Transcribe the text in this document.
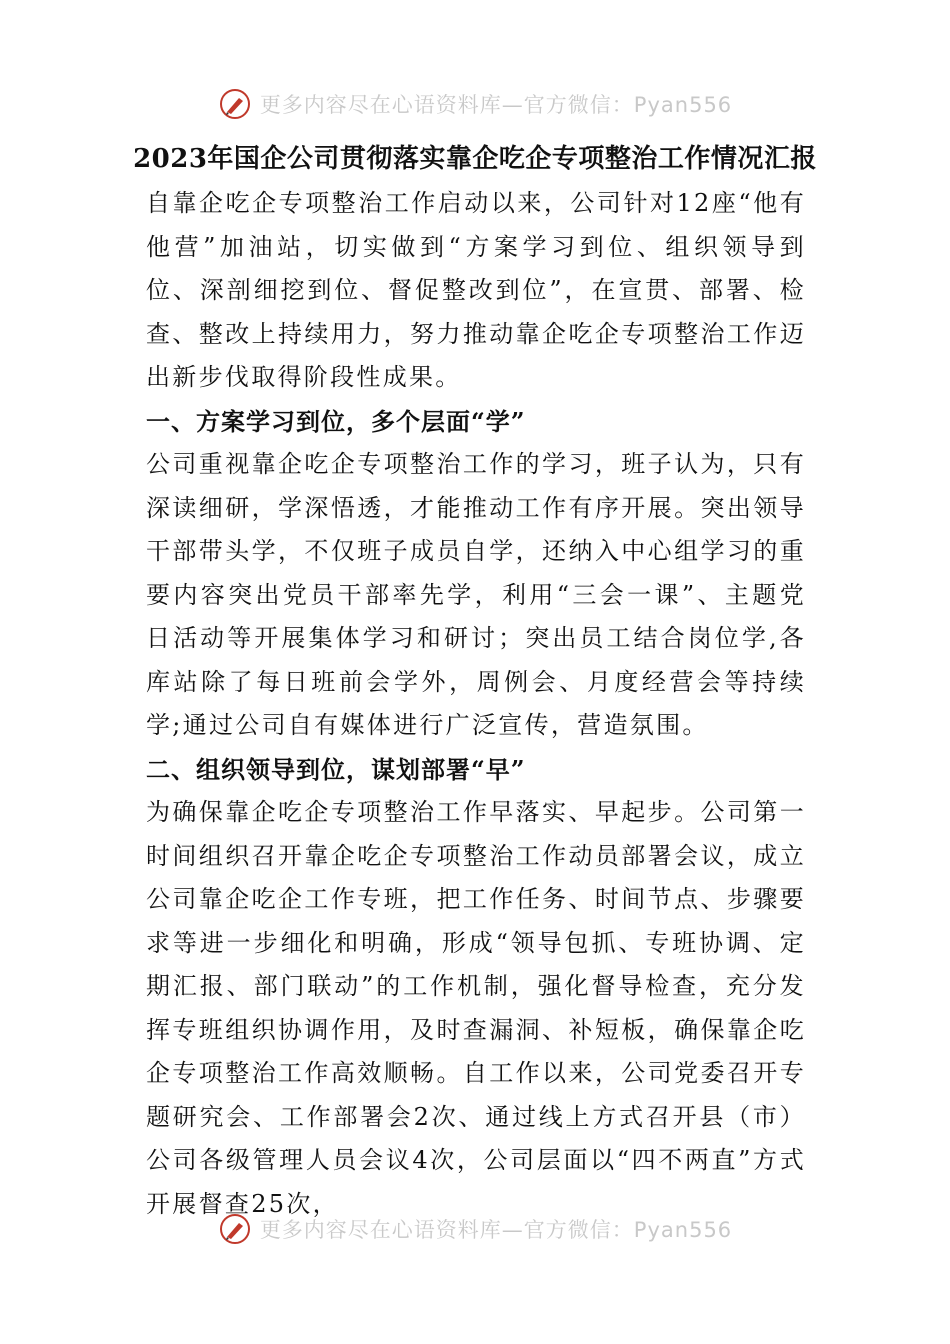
更多内容尽在心语资料库—官方微信：Pyan556
2023年国企公司贯彻落实靠企吃企专项整治工作情况汇报

自靠企吃企专项整治工作启动以来，公司针对12座“他有他营”加油站，切实做到“方案学习到位、组织领导到位、深剖细挖到位、督促整改到位”，在宣贯、部署、检查、整改上持续用力，努力推动靠企吃企专项整治工作迈出新步伐取得阶段性成果。

一、方案学习到位，多个层面“学”

公司重视靠企吃企专项整治工作的学习，班子认为，只有深读细研，学深悟透，才能推动工作有序开展。突出领导干部带头学，不仅班子成员自学，还纳入中心组学习的重要内容突出党员干部率先学，利用“三会一课”、主题党日活动等开展集体学习和研讨；突出员工结合岗位学,各库站除了每日班前会学外，周例会、月度经营会等持续学;通过公司自有媒体进行广泛宣传，营造氛围。

二、组织领导到位，谋划部署“早”

为确保靠企吃企专项整治工作早落实、早起步。公司第一时间组织召开靠企吃企专项整治工作动员部署会议，成立公司靠企吃企工作专班，把工作任务、时间节点、步骤要求等进一步细化和明确，形成“领导包抓、专班协调、定期汇报、部门联动”的工作机制，强化督导检查，充分发挥专班组织协调作用，及时查漏洞、补短板，确保靠企吃企专项整治工作高效顺畅。自工作以来，公司党委召开专题研究会、工作部署会2次、通过线上方式召开县（市）公司各级管理人员会议4次，公司层面以“四不两直”方式开展督查25次，

更多内容尽在心语资料库—官方微信：Pyan556
